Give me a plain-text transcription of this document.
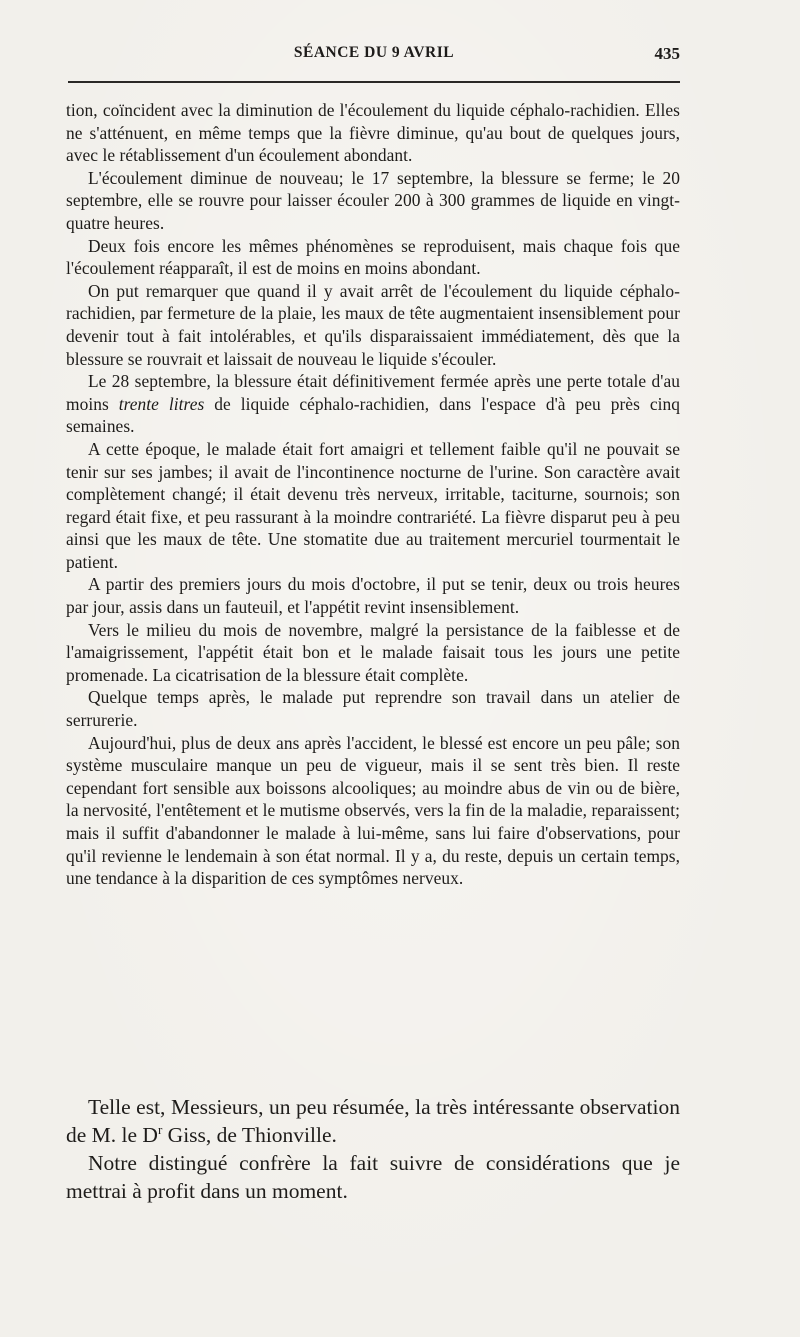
SÉANCE DU 9 AVRIL	435

tion, coïncident avec la diminution de l'écoulement du liquide céphalo-rachidien. Elles ne s'atténuent, en même temps que la fièvre diminue, qu'au bout de quelques jours, avec le rétablissement d'un écoulement abondant.

L'écoulement diminue de nouveau; le 17 septembre, la blessure se ferme; le 20 septembre, elle se rouvre pour laisser écouler 200 à 300 grammes de liquide en vingt-quatre heures.

Deux fois encore les mêmes phénomènes se reproduisent, mais chaque fois que l'écoulement réapparaît, il est de moins en moins abondant.

On put remarquer que quand il y avait arrêt de l'écoulement du liquide céphalo-rachidien, par fermeture de la plaie, les maux de tête augmentaient insensiblement pour devenir tout à fait intolérables, et qu'ils disparaissaient immédiatement, dès que la blessure se rouvrait et laissait de nouveau le liquide s'écouler.

Le 28 septembre, la blessure était définitivement fermée après une perte totale d'au moins trente litres de liquide céphalo-rachidien, dans l'espace d'à peu près cinq semaines.

A cette époque, le malade était fort amaigri et tellement faible qu'il ne pouvait se tenir sur ses jambes; il avait de l'incontinence nocturne de l'urine. Son caractère avait complètement changé; il était devenu très nerveux, irritable, taciturne, sournois; son regard était fixe, et peu rassurant à la moindre contrariété. La fièvre disparut peu à peu ainsi que les maux de tête. Une stomatite due au traitement mercuriel tourmentait le patient.

A partir des premiers jours du mois d'octobre, il put se tenir, deux ou trois heures par jour, assis dans un fauteuil, et l'appétit revint insensiblement.

Vers le milieu du mois de novembre, malgré la persistance de la faiblesse et de l'amaigrissement, l'appétit était bon et le malade faisait tous les jours une petite promenade. La cicatrisation de la blessure était complète.

Quelque temps après, le malade put reprendre son travail dans un atelier de serrurerie.

Aujourd'hui, plus de deux ans après l'accident, le blessé est encore un peu pâle; son système musculaire manque un peu de vigueur, mais il se sent très bien. Il reste cependant fort sensible aux boissons alcooliques; au moindre abus de vin ou de bière, la nervosité, l'entêtement et le mutisme observés, vers la fin de la maladie, reparaissent; mais il suffit d'abandonner le malade à lui-même, sans lui faire d'observations, pour qu'il revienne le lendemain à son état normal. Il y a, du reste, depuis un certain temps, une tendance à la disparition de ces symptômes nerveux.

Telle est, Messieurs, un peu résumée, la très intéressante observation de M. le $D^r$ Giss, de Thionville.

Notre distingué confrère la fait suivre de considérations que je mettrai à profit dans un moment.
